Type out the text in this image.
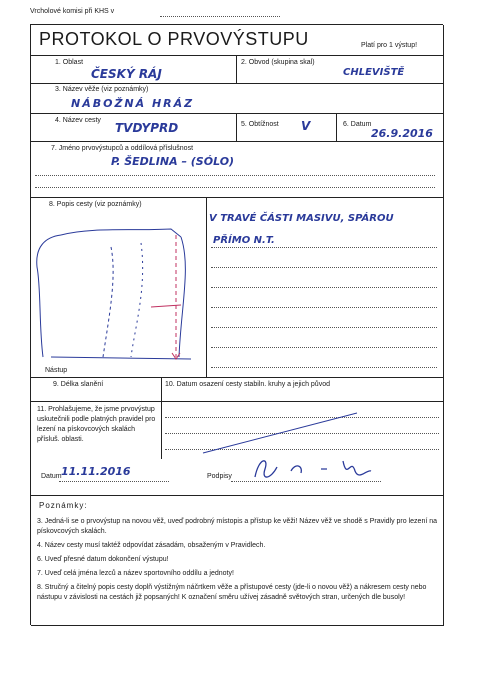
Vrcholové komisi při KHS v
PROTOKOL O PRVOVÝSTUPU	Platí pro 1 výstup!
1. Oblast
ČESKÝ RÁJ
2. Obvod (skupina skal)
CHLEVIŠTĚ
3. Název věže (viz poznámky)
NÁBOŽNÁ HRÁZ
4. Název cesty
TVDYPRD	5. Obtížnost V	6. Datum
26.9.2016
7. Jméno prvovýstupců a oddílová příslušnost
P. ŠEDLINA – (SÓLO)
8. Popis cesty (viz poznámky)
V TRAVÉ ČÁSTI MASIVU, SPÁROU
PŘÍMO N.T.
Nástup
9. Délka slanění	10. Datum osazení cesty stabiln. kruhy a jejich původ
11. Prohlašujeme, že jsme prvovýstup uskutečnili podle platných pravidel pro lezení na pískovcových skalách přísluš. oblasti.
Datum 11.11.2016	Podpisy
Poznámky:
3. Jedná-li se o prvovýstup na novou věž, uveď podrobný místopis a přístup ke věži! Název věž ve shodě s Pravidly pro lezení na pískovcových skalách.
4. Název cesty musí taktéž odpovídat zásadám, obsaženým v Pravidlech.
6. Uveď přesné datum dokončení výstupu!
7. Uveď celá jména lezců a název sportovního oddílu a jednoty!
8. Stručný a čitelný popis cesty doplň výstižným náčrtkem věže a přístupové cesty (jde-li o novou věž) a nákresem cesty nebo nástupu v závislosti na cestách již popsaných! K označení směru užívej zásadně světových stran, určených dle busoly!
